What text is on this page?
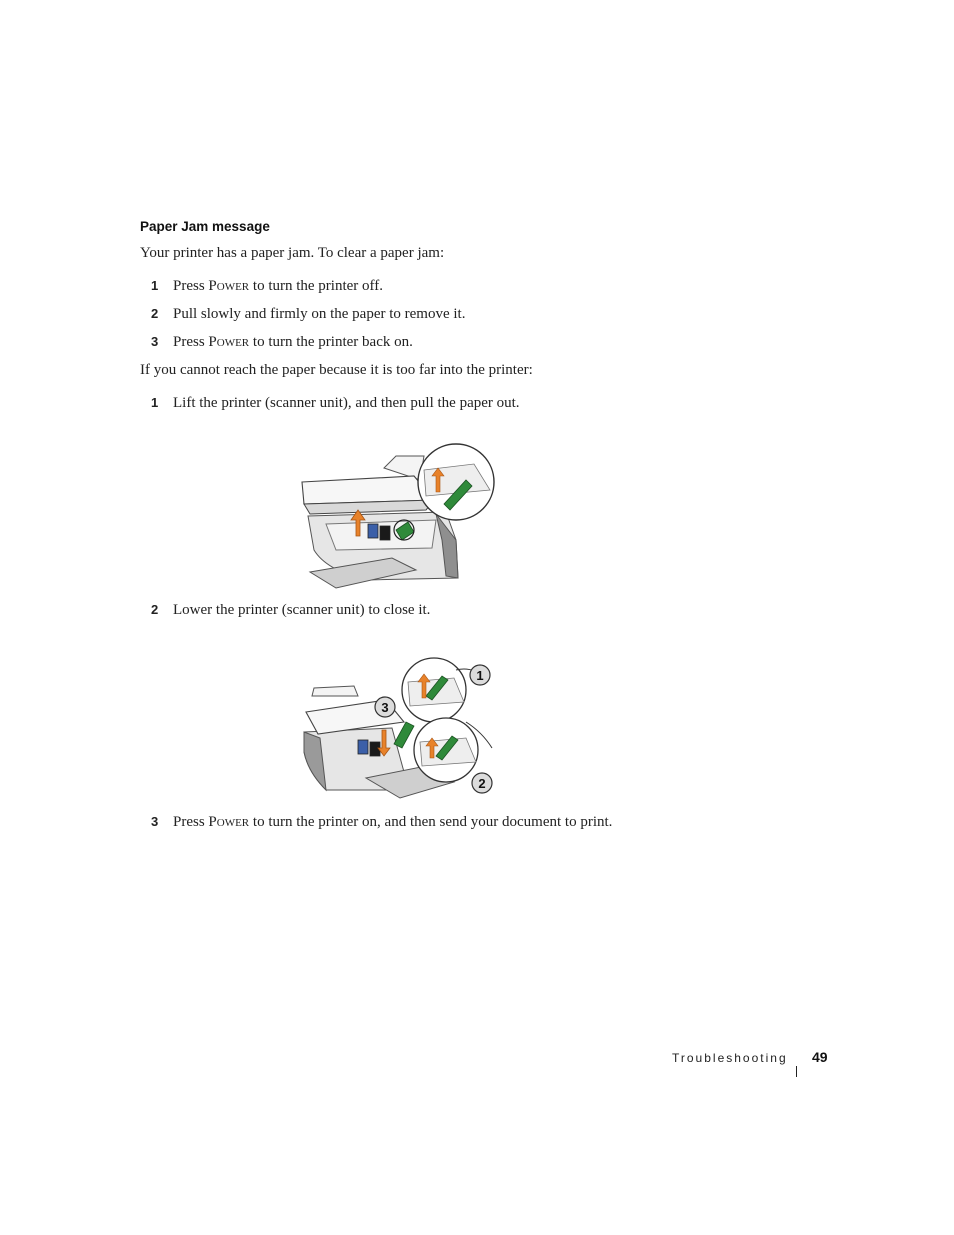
Paper Jam message
Your printer has a paper jam. To clear a paper jam:
1 Press Power to turn the printer off.
2 Pull slowly and firmly on the paper to remove it.
3 Press Power to turn the printer back on.
If you cannot reach the paper because it is too far into the printer:
1 Lift the printer (scanner unit), and then pull the paper out.
2 Lower the printer (scanner unit) to close it.
1
2
3
3 Press Power to turn the printer on, and then send your document to print.
Troubleshooting 49
